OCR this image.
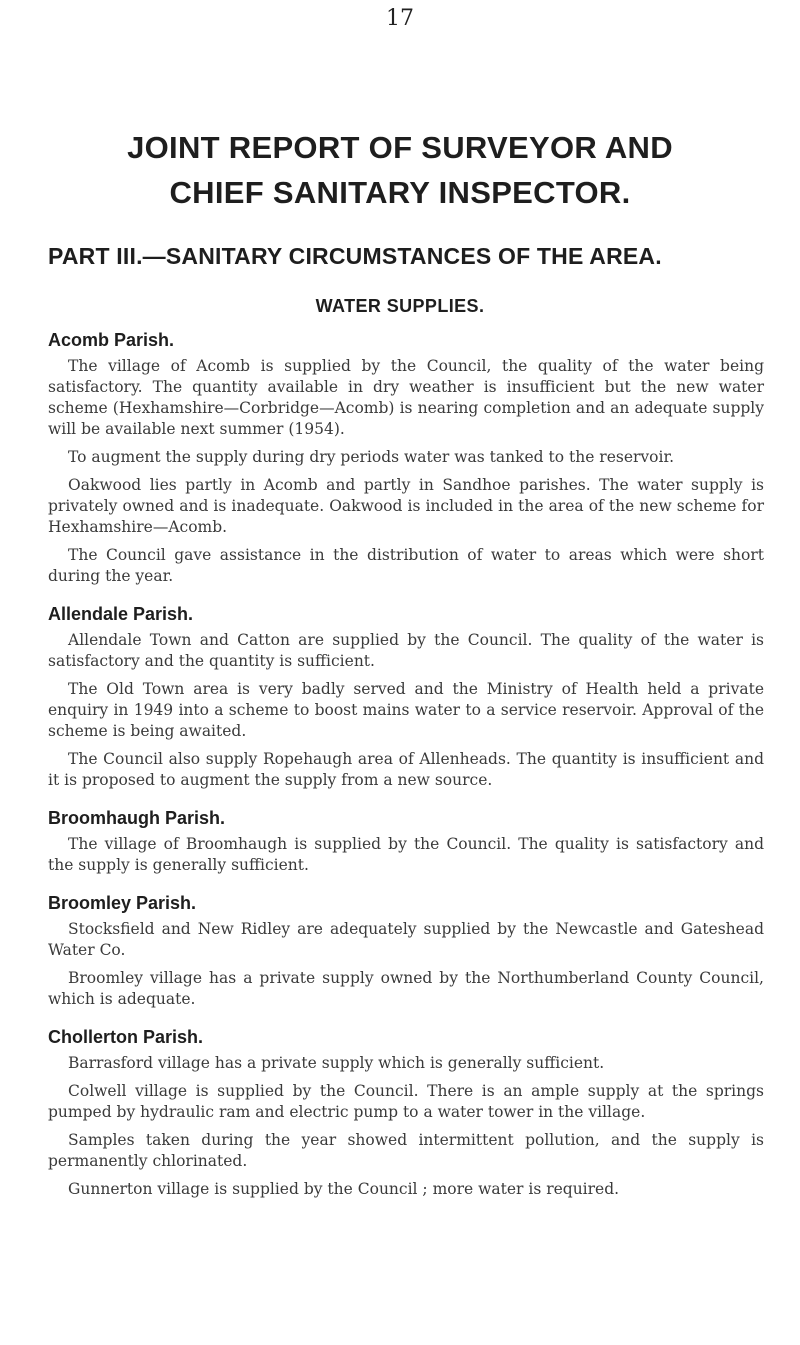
17
JOINT REPORT OF SURVEYOR AND
CHIEF SANITARY INSPECTOR.
PART III.—SANITARY CIRCUMSTANCES OF THE AREA.
WATER SUPPLIES.
Acomb Parish.

The village of Acomb is supplied by the Council, the quality of the water being satisfactory. The quantity available in dry weather is insufficient but the new water scheme (Hexhamshire—Corbridge—Acomb) is nearing completion and an adequate supply will be available next summer (1954).

To augment the supply during dry periods water was tanked to the reservoir.

Oakwood lies partly in Acomb and partly in Sandhoe parishes. The water supply is privately owned and is inadequate. Oakwood is included in the area of the new scheme for Hexhamshire—Acomb.

The Council gave assistance in the distribution of water to areas which were short during the year.

Allendale Parish.

Allendale Town and Catton are supplied by the Council. The quality of the water is satisfactory and the quantity is sufficient.

The Old Town area is very badly served and the Ministry of Health held a private enquiry in 1949 into a scheme to boost mains water to a service reservoir. Approval of the scheme is being awaited.

The Council also supply Ropehaugh area of Allenheads. The quantity is insufficient and it is proposed to augment the supply from a new source.

Broomhaugh Parish.

The village of Broomhaugh is supplied by the Council. The quality is satisfactory and the supply is generally sufficient.

Broomley Parish.

Stocksfield and New Ridley are adequately supplied by the Newcastle and Gateshead Water Co.

Broomley village has a private supply owned by the Northumberland County Council, which is adequate.

Chollerton Parish.

Barrasford village has a private supply which is generally sufficient.

Colwell village is supplied by the Council. There is an ample supply at the springs pumped by hydraulic ram and electric pump to a water tower in the village.

Samples taken during the year showed intermittent pollution, and the supply is permanently chlorinated.

Gunnerton village is supplied by the Council ; more water is required.
